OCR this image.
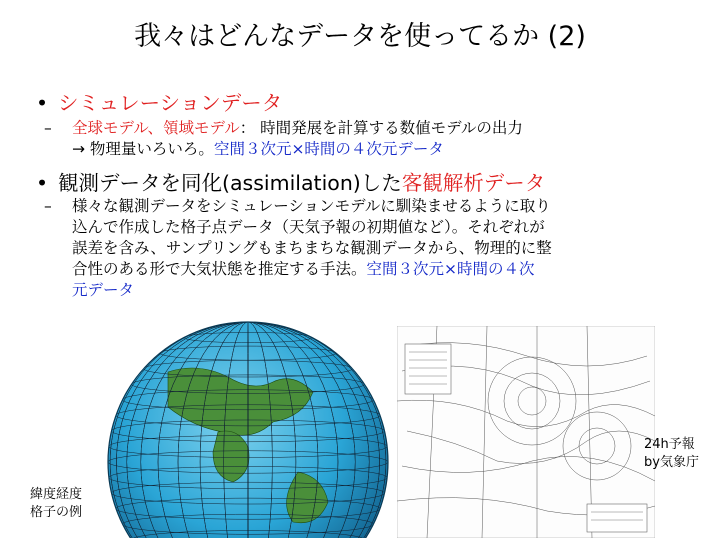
我々はどんなデータを使ってるか (2)
• シミュレーションデータ
– 全球モデル、領域モデル： 時間発展を計算する数値モデルの出力
→ 物理量いろいろ。空間３次元×時間の４次元データ
• 観測データを同化(assimilation)した客観解析データ
– 様々な観測データをシミュレーションモデルに馴染ませるように取り
込んで作成した格子点データ（天気予報の初期値など）。それぞれが
誤差を含み、サンプリングもまちまちな観測データから、物理的に整
合性のある形で大気状態を推定する手法。空間３次元×時間の４次
元データ
緯度経度
格子の例
24h予報
by気象庁
